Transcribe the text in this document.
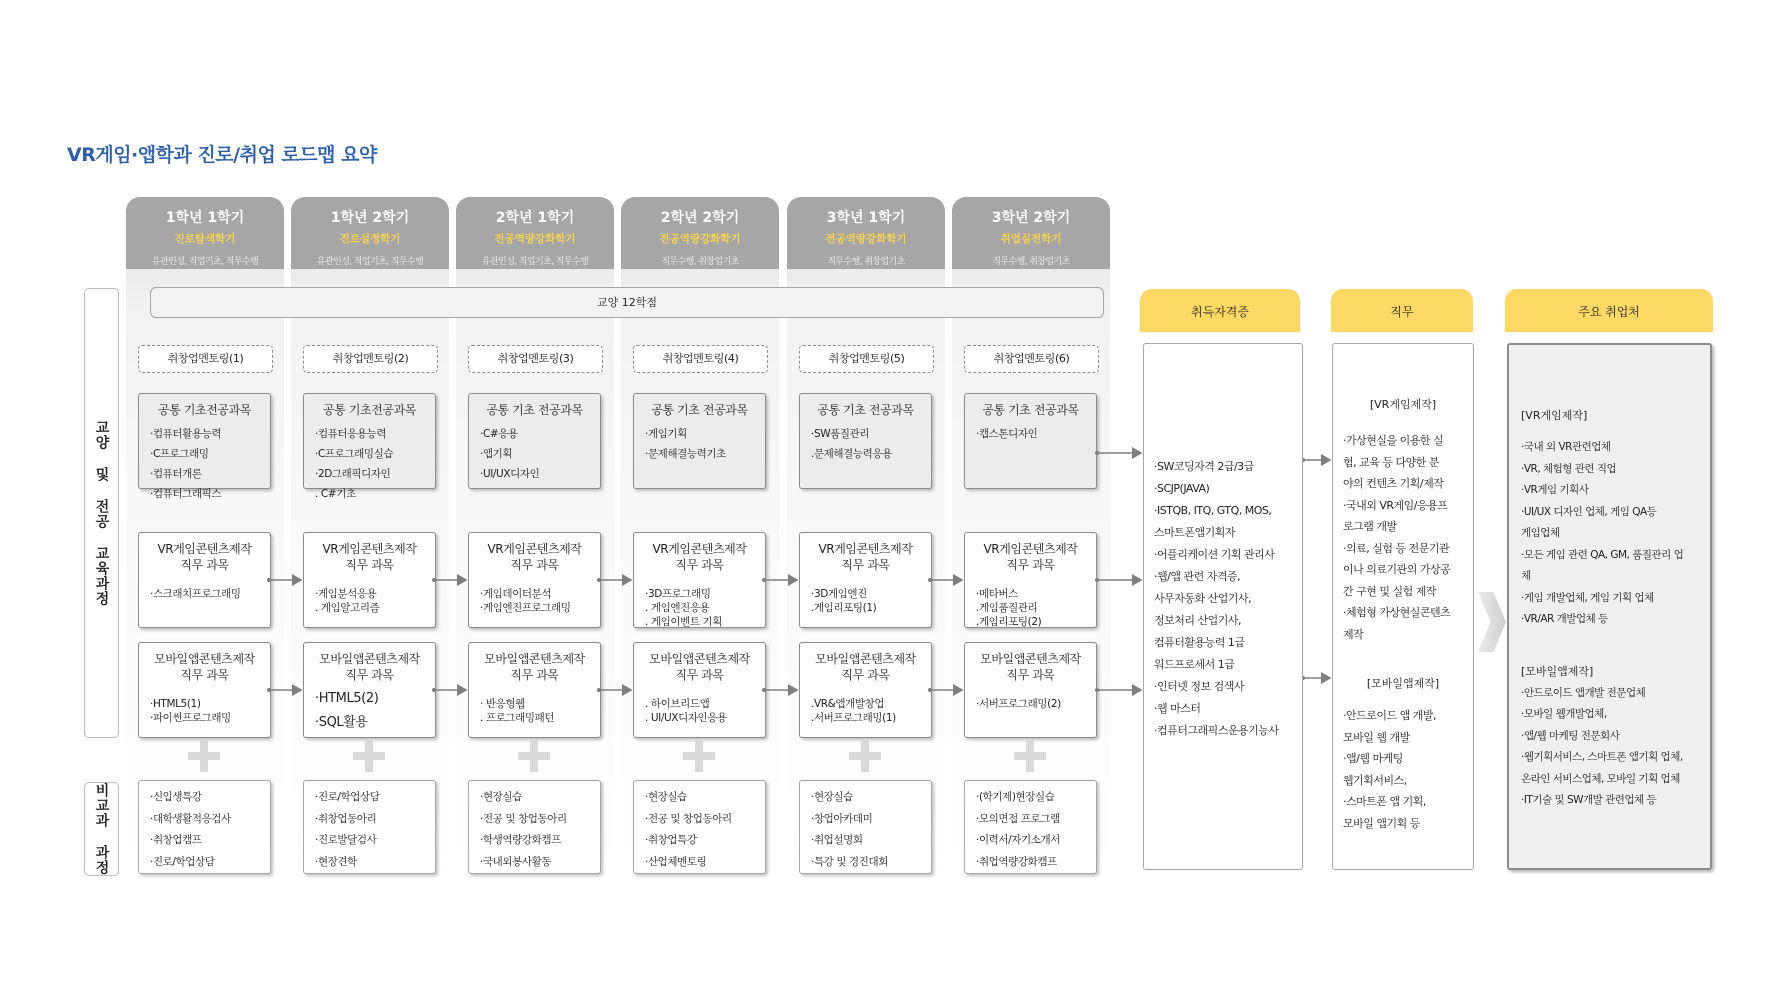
VR게임·앱학과 진로/취업 로드맵 요약
1학년 1학기
진로탐색학기
유관인성, 직업기초, 직무수행
1학년 2학기
진로설정학기
유관인성, 직업기초, 직무수행
2학년 1학기
전공역량강화학기
유관인성, 직업기초, 직무수행
2학년 2학기
전공역량강화학기
직무수행, 취창업기초
3학년 1학기
전공역량강화학기
직무수행, 취창업기초
3학년 2학기
취업실전학기
직무수행, 취창업기초
교양 및 전공 교육과정
비교과 과정
교양 12학점
취창업멘토링(1)
공통 기초전공과목
·컴퓨터활용능력
·C프로그래밍
·컴퓨터개론
·컴퓨터그래픽스
VR게임콘텐츠제작
직무 과목
·스크래치프로그래밍
모바일앱콘텐츠제작
직무 과목
·HTML5(1)
·파이썬프로그래밍
·신입생특강
·대학생활적응검사
·취창업캠프
·진로/학업상담
취창업멘토링(2)
공통 기초전공과목
·컴퓨터응용능력
·C프로그래밍실습
·2D그래픽디자인
. C#기초
VR게임콘텐츠제작
직무 과목
·게임분석응용
. 게임알고리즘
모바일앱콘텐츠제작
직무 과목
·HTML5(2)
·SQL활용
·진로/학업상담
·취창업동아리
·진로발달검사
·현장견학
취창업멘토링(3)
공통 기초 전공과목
·C#응용
·앱기획
·UI/UX디자인
VR게임콘텐츠제작
직무 과목
·게임데이터분석
·게임엔진프로그래밍
모바일앱콘텐츠제작
직무 과목
· 반응형웹
. 프로그래밍패턴
·현장실습
·전공 및 창업동아리
·학생역량강화캠프
·국내외봉사활동
취창업멘토링(4)
공통 기초 전공과목
·게임기획
·문제해결능력기초
VR게임콘텐츠제작
직무 과목
·3D프로그래밍
. 게임엔진응용
. 게임이벤트 기획
모바일앱콘텐츠제작
직무 과목
. 하이브리드앱
. UI/UX디자인응용
·현장실습
·전공 및 창업동아리
·취창업특강
·산업체멘토링
취창업멘토링(5)
공통 기초 전공과목
·SW품질관리
.문제해결능력응용
VR게임콘텐츠제작
직무 과목
·3D게임엔진
.게임리포팅(1)
모바일앱콘텐츠제작
직무 과목
.VR&앱개발창업
.서버프로그래밍(1)
·현장실습
·창업아카데미
·취업설명회
·특강 및 경진대회
취창업멘토링(6)
공통 기초 전공과목
·캡스톤디자인
VR게임콘텐츠제작
직무 과목
·메타버스
.게임품질관리
.게임리포팅(2)
모바일앱콘텐츠제작
직무 과목
·서버프로그래밍(2)
·(학기제)현장실습
·모의면접 프로그램
·이력서/자기소개서
·취업역량강화캠프
취득자격증	직무	주요 취업처
·SW코딩자격 2급/3급
·SCJP(JAVA)
·ISTQB, ITQ, GTQ, MOS,
스마트폰앱기획자
·어플리케이션 기획 관리사
·웹/앱 관련 자격증,
사무자동화 산업기사,
정보처리 산업기사,
컴퓨터활용능력 1급
워드프로세서 1급
·인터넷 정보 검색사
·웹 마스터
·컴퓨터그래픽스운용기능사
[VR게임제작]
·가상현실을 이용한 실
험, 교육 등 다양한 분
야의 컨텐츠 기획/제작
·국내외 VR게임/응용프
로그램 개발
·의료, 실험 등 전문기관
이나 의료기관의 가상공
간 구현 및 실험 제작
·체험형 가상현실콘텐츠
제작
[모바일앱제작]
·안드로이드 앱 개발,
모바일 웹 개발
·앱/웹 마케팅
웹기획서비스,
·스마트폰 앱 기획,
모바일 앱기획 등
[VR게임제작]
·국내 외 VR관련업체
·VR, 체험형 관련 직업
·VR게임 기획사
·UI/UX 디자인 업체, 게임 QA등
게임업체
·모든 게임 관련 QA, GM, 품질관리 업
체
·게임 개발업체, 게임 기획 업체
·VR/AR 개발업체 등
[모바일앱제작]
·안드로이드 앱개발 전문업체
·모바일 웹개발업체,
·앱/웹 마케팅 전문회사
·웹기획서비스, 스마트폰 앱기획 업체,
온라인 서비스업체, 모바일 기획 업체
·IT기술 및 SW개발 관련업체 등
